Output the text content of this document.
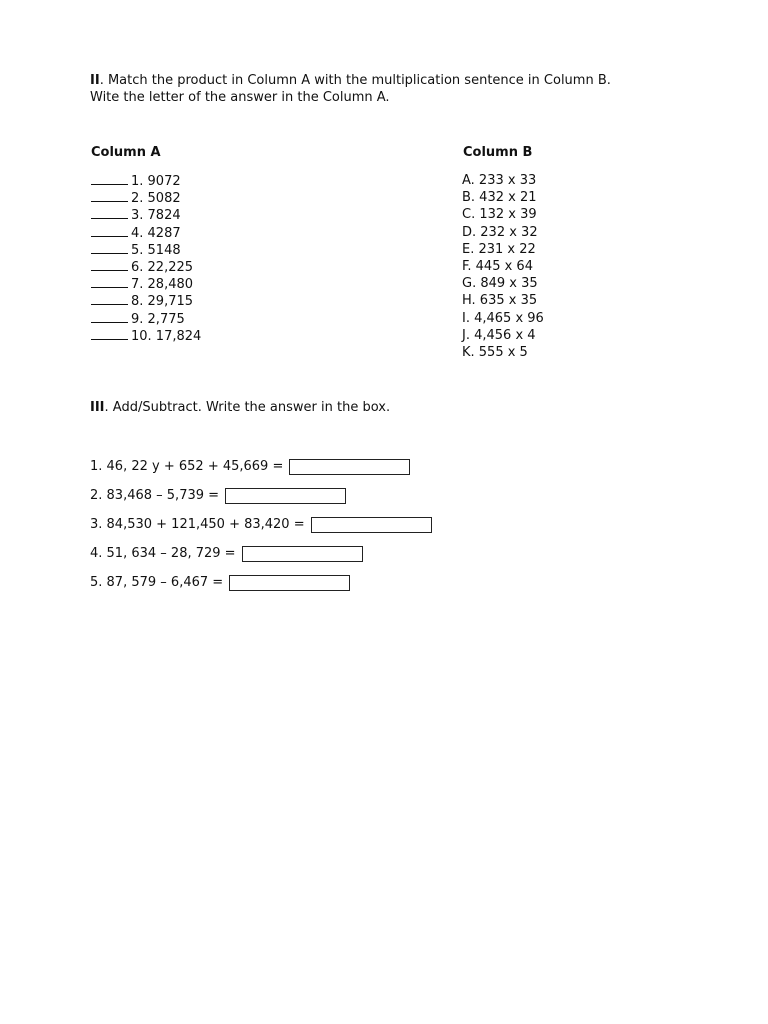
II. Match the product in Column A with the multiplication sentence in Column B.
Wite the letter of the answer in the Column A.
Column A	Column B
1. 9072
2. 5082
3. 7824
4. 4287
5. 5148
6. 22,225
7. 28,480
8. 29,715
9. 2,775
10. 17,824
A. 233 x 33
B. 432 x 21
C. 132 x 39
D. 232 x 32
E. 231 x 22
F. 445 x 64
G. 849 x 35
H. 635 x 35
I. 4,465 x 96
J. 4,456 x 4
K. 555 x 5
III. Add/Subtract. Write the answer in the box.
1. 46, 22 y + 652 + 45,669 =
2. 83,468 – 5,739 =
3. 84,530 + 121,450 + 83,420 =
4. 51, 634 – 28, 729 =
5. 87, 579 – 6,467 =
